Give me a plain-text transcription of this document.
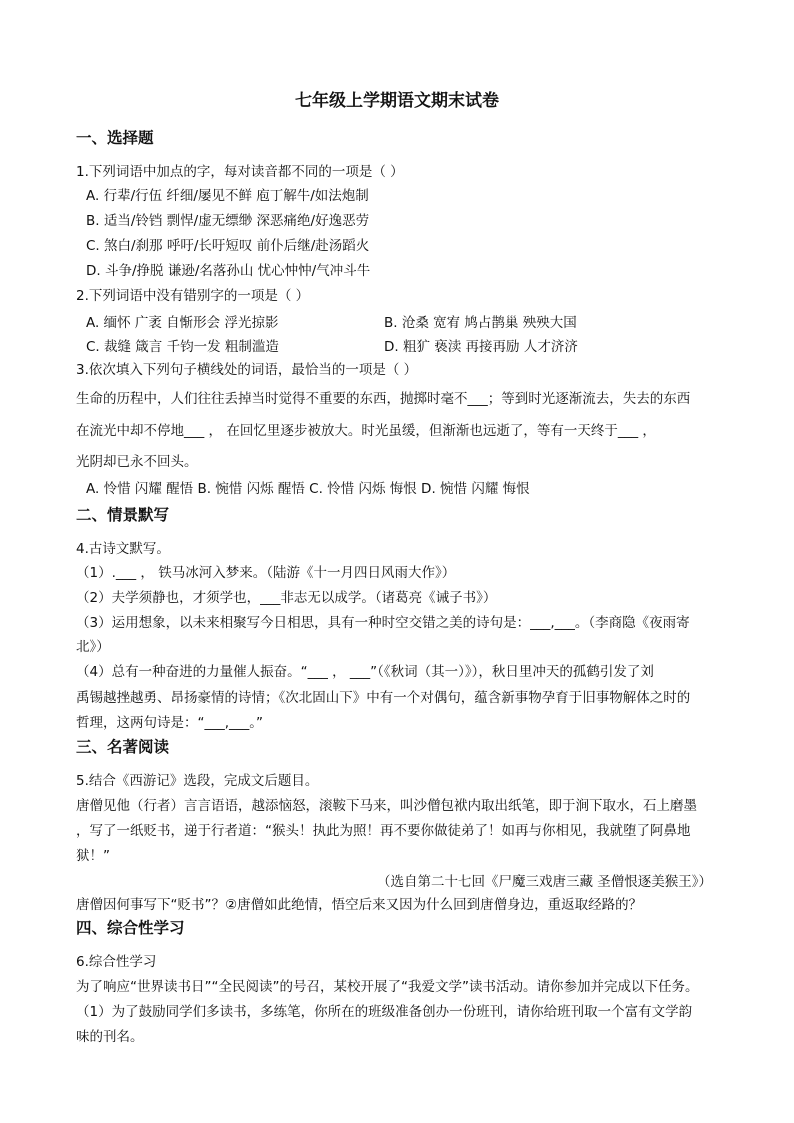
七年级上学期语文期末试卷
一、选择题
1.下列词语中加点的字，每对读音都不同的一项是（ ）
A. 行辈/行伍 纤细/屡见不鲜 庖丁解牛/如法炮制
B. 适当/铃铛 剽悍/虚无缥缈 深恶痛绝/好逸恶劳
C. 煞白/刹那 呼吁/长吁短叹 前仆后继/赴汤蹈火
D. 斗争/挣脱 谦逊/名落孙山 忧心忡忡/气冲斗牛
2.下列词语中没有错别字的一项是（ ）
A. 缅怀 广袤 自惭形会 浮光掠影	B. 沧桑 宽宥 鸠占鹊巢 殃殃大国
C. 裁缝 箴言 千钧一发 粗制滥造	D. 粗犷 亵渎 再接再励 人才济济
3.依次填入下列句子横线处的词语，最恰当的一项是（ ）
生命的历程中，人们往往丢掉当时觉得不重要的东西，抛掷时毫不___；等到时光逐渐流去，失去的东西
在流光中却不停地___ ， 在回忆里逐步被放大。时光虽缓，但渐渐也远逝了，等有一天终于___ ，
光阴却已永不回头。
A. 怜惜 闪耀 醒悟 B. 惋惜 闪烁 醒悟 C. 怜惜 闪烁 悔恨 D. 惋惜 闪耀 悔恨
二、情景默写
4.古诗文默写。
（1）.___ ， 铁马冰河入梦来。（陆游《十一月四日风雨大作》）
（2）夫学须静也，才须学也，___非志无以成学。（诸葛亮《诫子书》）
（3）运用想象，以未来相聚写今日相思，具有一种时空交错之美的诗句是：___,___。（李商隐《夜雨寄
北》）
（4）总有一种奋进的力量催人振奋。“___ ， ___”（《秋词（其一）》），秋日里冲天的孤鹤引发了刘
禹锡越挫越勇、昂扬豪情的诗情；《次北固山下》中有一个对偶句，蕴含新事物孕育于旧事物解体之时的
哲理，这两句诗是：“___,___。”
三、名著阅读
5.结合《西游记》选段，完成文后题目。
唐僧见他（行者）言言语语，越添恼怒，滚鞍下马来，叫沙僧包袱内取出纸笔，即于涧下取水，石上磨墨
，写了一纸贬书，递于行者道：“猴头！执此为照！再不要你做徒弟了！如再与你相见，我就堕了阿鼻地
狱！”
（选自第二十七回《尸魔三戏唐三藏 圣僧恨逐美猴王》）
唐僧因何事写下“贬书”？②唐僧如此绝情，悟空后来又因为什么回到唐僧身边，重返取经路的？
四、综合性学习
6.综合性学习
为了响应“世界读书日”“全民阅读”的号召，某校开展了“我爱文学”读书活动。请你参加并完成以下任务。
（1）为了鼓励同学们多读书，多练笔，你所在的班级准备创办一份班刊，请你给班刊取一个富有文学韵
味的刊名。
